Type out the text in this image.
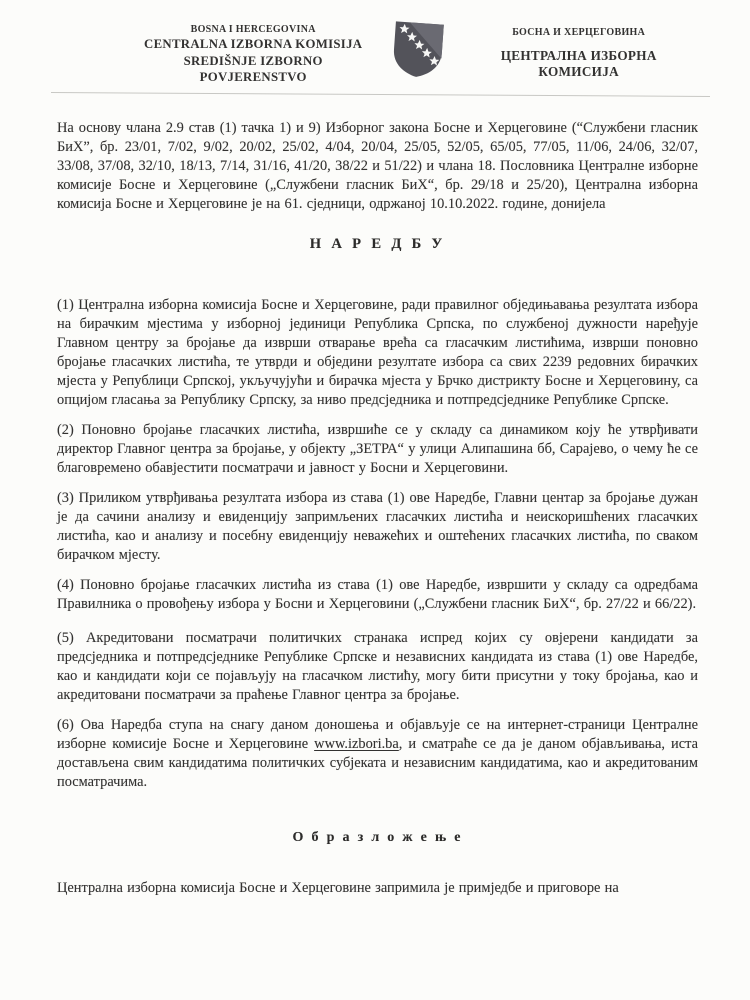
BOSNA I HERCEGOVINA
CENTRALNA IZBORNA KOMISIJA
SREDIŠNJE IZBORNO POVJERENSTVO
БОСНА И ХЕРЦЕГОВИНА
ЦЕНТРАЛНА ИЗБОРНА КОМИСИЈА

На основу члана 2.9 став (1) тачка 1) и 9) Изборног закона Босне и Херцеговине (“Службени гласник БиХ”, бр. 23/01, 7/02, 9/02, 20/02, 25/02, 4/04, 20/04, 25/05, 52/05, 65/05, 77/05, 11/06, 24/06, 32/07, 33/08, 37/08, 32/10, 18/13, 7/14, 31/16, 41/20, 38/22 и 51/22) и члана 18. Пословника Централне изборне комисије Босне и Херцеговине („Службени гласник БиХ“, бр. 29/18 и 25/20), Централна изборна комисија Босне и Херцеговине је на 61. сједници, одржаној 10.10.2022. године, донијела

Н А Р Е Д Б У

(1) Централна изборна комисија Босне и Херцеговине, ради правилног обједињавања резултата избора на бирачким мјестима у изборној јединици Република Српска, по службеној дужности наређује Главном центру за бројање да изврши отварање врећа са гласачким листићима, изврши поновно бројање гласачких листића, те утврди и обједини резултате избора са свих 2239 редовних бирачких мјеста у Републици Српској, укључујући и бирачка мјеста у Брчко дистрикту Босне и Херцеговину, са опцијом гласања за Републику Српску, за ниво предсједника и потпредсједнике Републике Српске.

(2) Поновно бројање гласачких листића, извршиће се у складу са динамиком коју ће утврђивати директор Главног центра за бројање, у објекту „ЗЕТРА“ у улици Алипашина бб, Сарајево, о чему ће се благовремено обавјестити посматрачи и јавност у Босни и Херцеговини.

(3) Приликом утврђивања резултата избора из става (1) ове Наредбе, Главни центар за бројање дужан је да сачини анализу и евиденцију запримљених гласачких листића и неискоришћених гласачких листића, као и анализу и посебну евиденцију неважећих и оштећених гласачких листића, по сваком бирачком мјесту.

(4) Поновно бројање гласачких листића из става (1) ове Наредбе, извршити у складу са одредбама Правилника о провођењу избора у Босни и Херцеговини („Службени гласник БиХ“, бр. 27/22 и 66/22).

(5) Акредитовани посматрачи политичких странака испред којих су овјерени кандидати за предсједника и потпредсједнике Републике Српске и независних кандидата из става (1) ове Наредбе, као и кандидати који се појављују на гласачком листићу, могу бити присутни у току бројања, као и акредитовани посматрачи за праћење Главног центра за бројање.

(6) Ова Наредба ступа на снагу даном доношења и објављује се на интернет-страници Централне изборне комисије Босне и Херцеговине www.izbori.ba, и сматраће се да је даном објављивања, иста достављена свим кандидатима политичких субјеката и независним кандидатима, као и акредитованим посматрачима.

О б р а з л о ж е њ е

Централна изборна комисија Босне и Херцеговине запримила је примједбе и приговоре на
